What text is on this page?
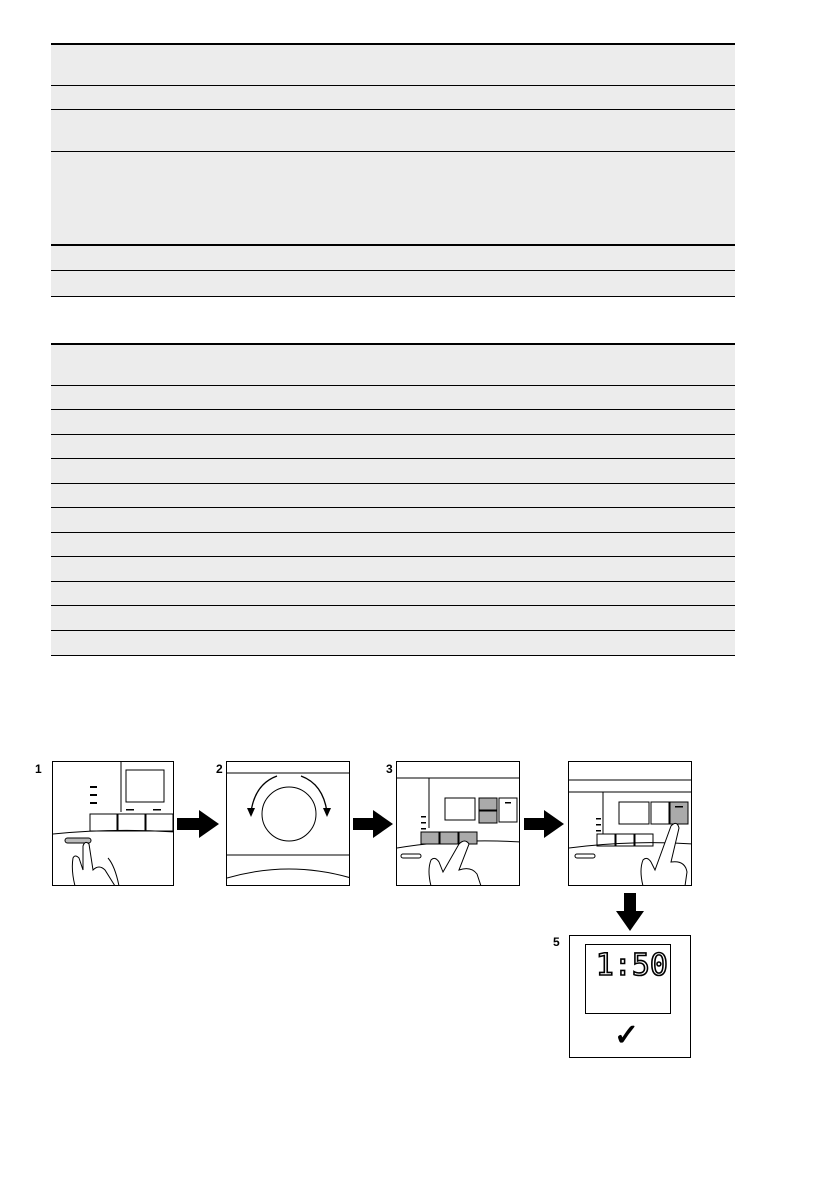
1	2	3
5
1:50
✓
